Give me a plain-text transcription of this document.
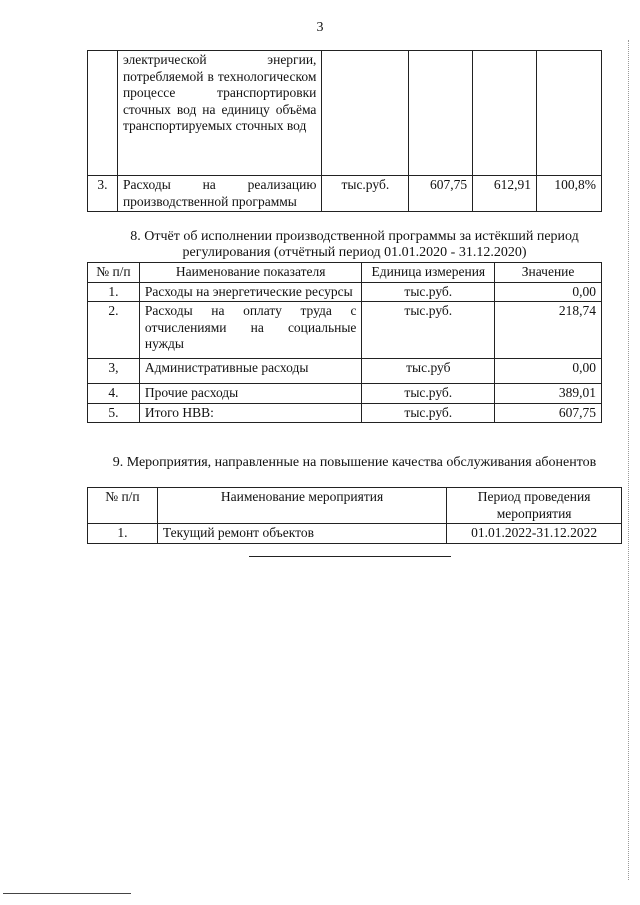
3
	электрической энергии, потребляемой в технологическом процессе транспортировки сточных вод на единицу объёма транспортируемых сточных вод				
3.	Расходы на реализацию производственной программы	тыс.руб.	607,75	612,91	100,8%
8. Отчёт об исполнении производственной программы за истёкший период регулирования (отчётный период 01.01.2020 - 31.12.2020)
№ п/п	Наименование показателя	Единица измерения	Значение
1.	Расходы на энергетические ресурсы	тыс.руб.	0,00
2.	Расходы на оплату труда с отчислениями на социальные нужды	тыс.руб.	218,74
3,	Административные расходы	тыс.руб	0,00
4.	Прочие расходы	тыс.руб.	389,01
5.	Итого НВВ:	тыс.руб.	607,75
9. Мероприятия, направленные на повышение качества обслуживания абонентов
№ п/п	Наименование мероприятия	Период проведения мероприятия
1.	Текущий ремонт объектов	01.01.2022-31.12.2022
